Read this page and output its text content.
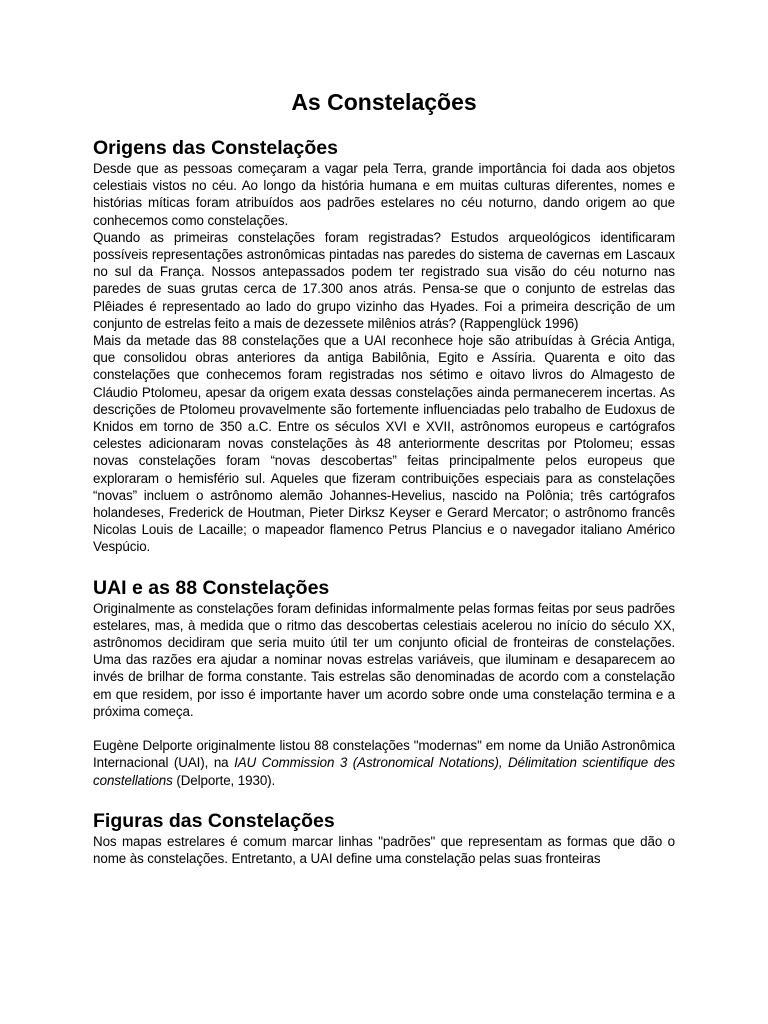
As Constelações
Origens das Constelações

Desde que as pessoas começaram a vagar pela Terra, grande importância foi dada aos objetos celestiais vistos no céu. Ao longo da história humana e em muitas culturas diferentes, nomes e histórias míticas foram atribuídos aos padrões estelares no céu noturno, dando origem ao que conhecemos como constelações.

Quando as primeiras constelações foram registradas? Estudos arqueológicos identificaram possíveis representações astronômicas pintadas nas paredes do sistema de cavernas em Lascaux no sul da França. Nossos antepassados podem ter registrado sua visão do céu noturno nas paredes de suas grutas cerca de 17.300 anos atrás. Pensa-se que o conjunto de estrelas das Plêiades é representado ao lado do grupo vizinho das Hyades. Foi a primeira descrição de um conjunto de estrelas feito a mais de dezessete milênios atrás? (Rappenglück 1996)

Mais da metade das 88 constelações que a UAI reconhece hoje são atribuídas à Grécia Antiga, que consolidou obras anteriores da antiga Babilônia, Egito e Assíria. Quarenta e oito das constelações que conhecemos foram registradas nos sétimo e oitavo livros do Almagesto de Cláudio Ptolomeu, apesar da origem exata dessas constelações ainda permanecerem incertas. As descrições de Ptolomeu provavelmente são fortemente influenciadas pelo trabalho de Eudoxus de Knidos em torno de 350 a.C. Entre os séculos XVI e XVII, astrônomos europeus e cartógrafos celestes adicionaram novas constelações às 48 anteriormente descritas por Ptolomeu; essas novas constelações foram “novas descobertas” feitas principalmente pelos europeus que exploraram o hemisfério sul. Aqueles que fizeram contribuições especiais para as constelações “novas” incluem o astrônomo alemão Johannes-Hevelius, nascido na Polônia; três cartógrafos holandeses, Frederick de Houtman, Pieter Dirksz Keyser e Gerard Mercator; o astrônomo francês Nicolas Louis de Lacaille; o mapeador flamenco Petrus Plancius e o navegador italiano Américo Vespúcio.

UAI e as 88 Constelações

Originalmente as constelações foram definidas informalmente pelas formas feitas por seus padrões estelares, mas, à medida que o ritmo das descobertas celestiais acelerou no início do século XX, astrônomos decidiram que seria muito útil ter um conjunto oficial de fronteiras de constelações. Uma das razões era ajudar a nominar novas estrelas variáveis, que iluminam e desaparecem ao invés de brilhar de forma constante. Tais estrelas são denominadas de acordo com a constelação em que residem, por isso é importante haver um acordo sobre onde uma constelação termina e a próxima começa.

Eugène Delporte originalmente listou 88 constelações "modernas" em nome da União Astronômica Internacional (UAI), na IAU Commission 3 (Astronomical Notations), Délimitation scientifique des constellations (Delporte, 1930).

Figuras das Constelações

Nos mapas estrelares é comum marcar linhas "padrões" que representam as formas que dão o nome às constelações. Entretanto, a UAI define uma constelação pelas suas fronteiras
